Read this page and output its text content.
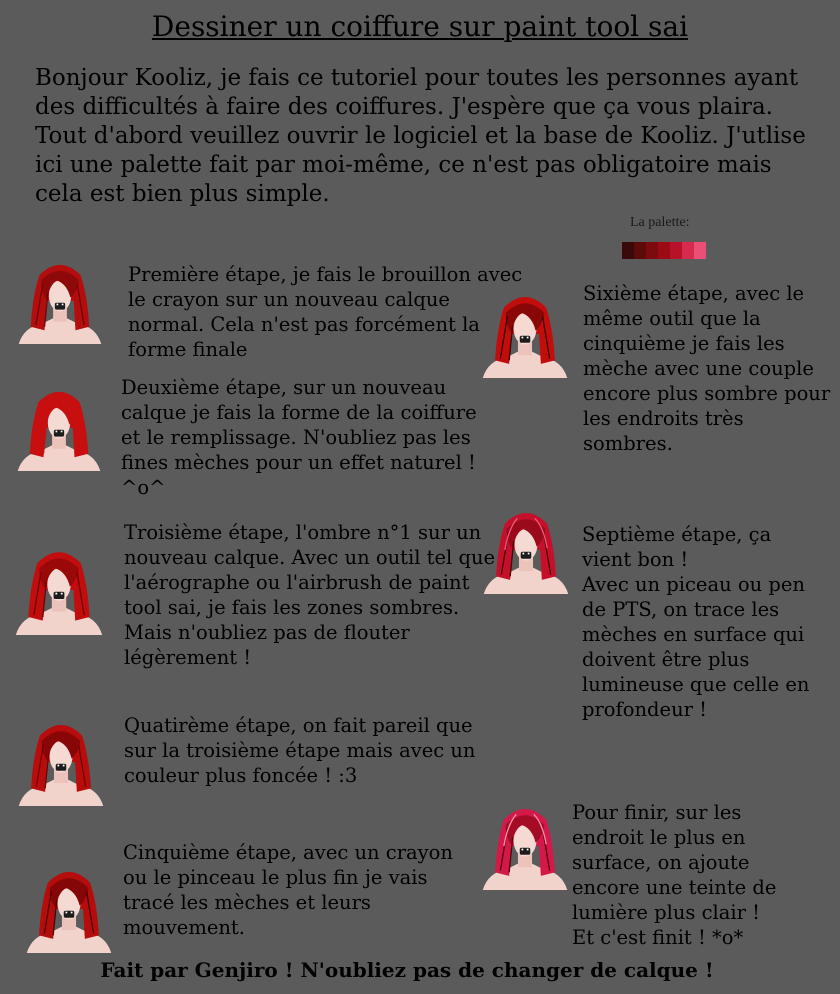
Dessiner un coiffure sur paint tool sai

Bonjour Kooliz, je fais ce tutoriel pour toutes les personnes ayant des difficultés à faire des coiffures. J'espère que ça vous plaira.

Tout d'abord veuillez ouvrir le logiciel et la base de Kooliz. J'utlise ici une palette fait par moi-même, ce n'est pas obligatoire mais cela est bien plus simple.

La palette:
Première étape, je fais le brouillon avec le crayon sur un nouveau calque normal. Cela n'est pas forcément la forme finale
Deuxième étape, sur un nouveau calque je fais la forme de la coiffure et le remplissage. N'oubliez pas les fines mèches pour un effet naturel ! ^o^
Troisième étape, l'ombre n°1 sur un nouveau calque. Avec un outil tel que l'aérographe ou l'airbrush de paint tool sai, je fais les zones sombres. Mais n'oubliez pas de flouter légèrement !
Quatirème étape, on fait pareil que sur la troisième étape mais avec un couleur plus foncée ! :3
Cinquième étape, avec un crayon ou le pinceau le plus fin je vais tracé les mèches et leurs mouvement.
Sixième étape, avec le même outil que la cinquième je fais les mèche avec une couple encore plus sombre pour les endroits très sombres.

Septième étape, ça vient bon !

Avec un piceau ou pen de PTS, on trace les mèches en surface qui doivent être plus lumineuse que celle en profondeur !

Pour finir, sur les endroit le plus en surface, on ajoute encore une teinte de lumière plus clair !

Et c'est finit ! *o*

Fait par Genjiro ! N'oubliez pas de changer de calque !
